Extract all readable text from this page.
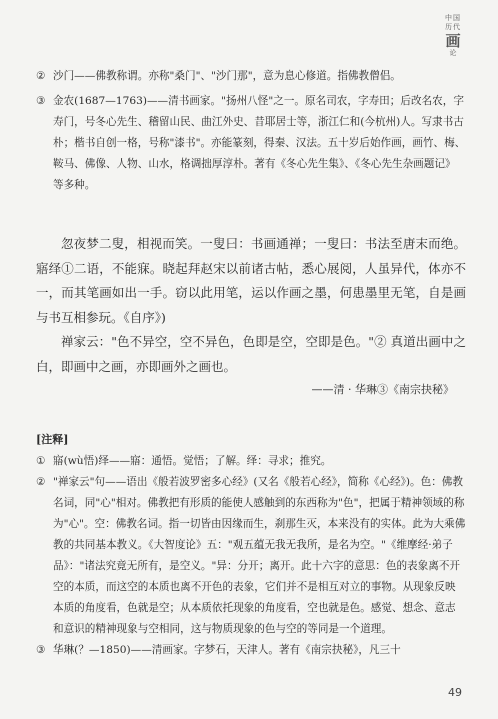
中国
历代
画
论

② 沙门——佛教称谓。亦称"桑门"、"沙门那"，意为息心修道。指佛教僧侣。

③ 金农(1687—1763)——清书画家。"扬州八怪"之一。原名司农，字寿田；后改名农，字寿门，号冬心先生、稽留山民、曲江外史、昔耶居士等，浙江仁和(今杭州)人。写隶书古朴；楷书自创一格，号称"漆书"。亦能篆刻，得秦、汉法。五十岁后始作画，画竹、梅、鞍马、佛像、人物、山水，格调拙厚淳朴。著有《冬心先生集》、《冬心先生杂画题记》等多种。

忽夜梦二叟，相视而笑。一叟曰：书画通禅；一叟曰：书法至唐末而绝。寤绎①二语，不能寐。晓起拜赵宋以前诸古帖，悉心展阅，人虽异代，体亦不一，而其笔画如出一手。窃以此用笔，运以作画之墨，何患墨里无笔，自是画与书互相参玩。《自序》)

禅家云："色不异空，空不异色，色即是空，空即是色。"② 真道出画中之白，即画中之画，亦即画外之画也。

——清 · 华琳③《南宗抉秘》

[注释]

① 寤(wù悟)绎——寤：通悟。觉悟；了解。绎：寻求；推究。

② "禅家云"句——语出《般若波罗密多心经》(又名《般若心经》，简称《心经》)。色：佛教名词，同"心"相对。佛教把有形质的能使人感触到的东西称为"色"，把属于精神领域的称为"心"。空：佛教名词。指一切皆由因缘而生，刹那生灭，本来没有的实体。此为大乘佛教的共同基本教义。《大智度论》五："观五蕴无我无我所，是名为空。"《维摩经·弟子品》："诸法究竟无所有，是空义。"异：分开；离开。此十六字的意思：色的表象离不开空的本质，而这空的本质也离不开色的表象，它们并不是相互对立的事物。从现象反映本质的角度看，色就是空；从本质依托现象的角度看，空也就是色。感觉、想念、意志和意识的精神现象与空相同，这与物质现象的色与空的等同是一个道理。

③ 华琳(？—1850)——清画家。字梦石，天津人。著有《南宗抉秘》，凡三十

49
